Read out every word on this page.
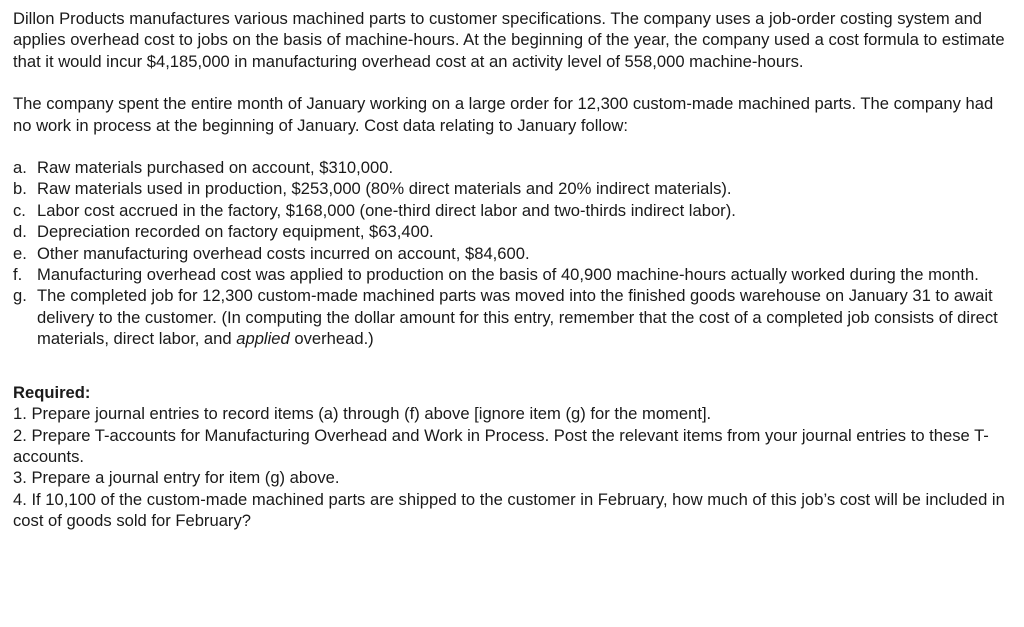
Dillon Products manufactures various machined parts to customer specifications. The company uses a job-order costing system and applies overhead cost to jobs on the basis of machine-hours. At the beginning of the year, the company used a cost formula to estimate that it would incur $4,185,000 in manufacturing overhead cost at an activity level of 558,000 machine-hours.

The company spent the entire month of January working on a large order for 12,300 custom-made machined parts. The company had no work in process at the beginning of January. Cost data relating to January follow:

a. Raw materials purchased on account, $310,000.
b. Raw materials used in production, $253,000 (80% direct materials and 20% indirect materials).
c. Labor cost accrued in the factory, $168,000 (one-third direct labor and two-thirds indirect labor).
d. Depreciation recorded on factory equipment, $63,400.
e. Other manufacturing overhead costs incurred on account, $84,600.
f. Manufacturing overhead cost was applied to production on the basis of 40,900 machine-hours actually worked during the month.
g. The completed job for 12,300 custom-made machined parts was moved into the finished goods warehouse on January 31 to await delivery to the customer. (In computing the dollar amount for this entry, remember that the cost of a completed job consists of direct materials, direct labor, and applied overhead.)

Required:

1. Prepare journal entries to record items (a) through (f) above [ignore item (g) for the moment].

2. Prepare T-accounts for Manufacturing Overhead and Work in Process. Post the relevant items from your journal entries to these T-accounts.

3. Prepare a journal entry for item (g) above.

4. If 10,100 of the custom-made machined parts are shipped to the customer in February, how much of this job’s cost will be included in cost of goods sold for February?
